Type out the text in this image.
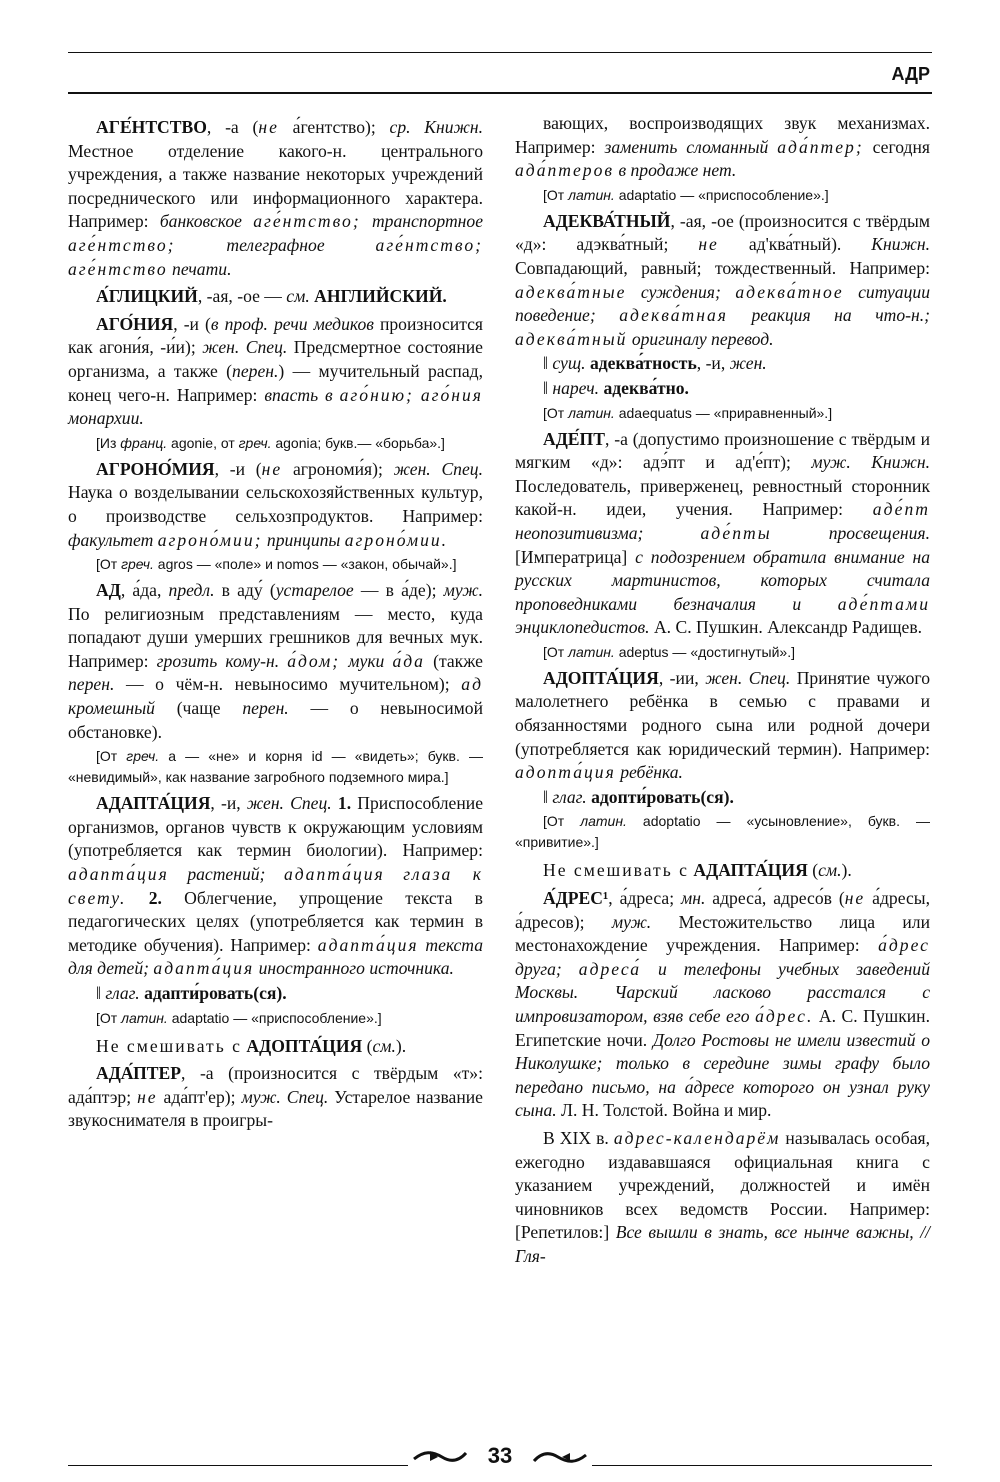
АДР

АГЕ́НТСТВО, -а (не а́гентство); ср. Книжн. Местное отделение какого-н. центрального учреждения, а также название некоторых учреждений посреднического или информационного характера. Например: банковское аге́нтство; транспортное аге́нтство;	телеграфное	аге́нтство; аге́нтство печати.

А́ГЛИЦКИЙ, -ая, -ое — см. АНГЛИЙСКИЙ.

АГО́НИЯ, -и (в проф. речи медиков произносится как агони́я, -и́и); жен. Спец. Предсмертное состояние организма, а также (перен.) — мучительный распад, конец чего-н. Например: впасть в аго́нию; аго́ния монархии.

[Из франц. agonie, от греч. agonia; букв.— «борьба».]

АГРОНО́МИЯ, -и (не агрономи́я); жен. Спец. Наука о возделывании сельскохозяйственных культур, о производстве сельхозпродуктов. Например: факультет агроно́мии; принципы агроно́мии.

[От греч. agros — «поле» и nomos — «закон, обычай».]

АД, а́да, предл. в аду́ (устарелое — в а́де); муж. По религиозным представлениям — место, куда попадают души умерших грешников для вечных мук. Например: грозить кому-н. а́дом; муки а́да (также перен. — о чём-н. невыносимо мучительном); ад кромешный (чаще перен. — о невыносимой обстановке).

[От греч. а — «не» и корня id — «видеть»; букв. — «невидимый», как название загробного подземного мира.]

АДАПТА́ЦИЯ, -и, жен. Спец. 1. Приспособление организмов, органов чувств к окружающим условиям (употребляется как термин биологии). Например: адапта́ция растений; адапта́ция глаза к свету. 2. Облегчение, упрощение текста в педагогических целях (употребляется как термин в методике обучения). Например: адапта́ция текста для детей; адапта́ция иностранного источника.

‖ глаг. адапти́ровать(ся).

[От латин. adaptatio — «приспособление».]

Не смешивать с АДОПТА́ЦИЯ (см.).

АДА́ПТЕР, -а (произносится с твёрдым «т»: ада́птэр; не ада́пт'ер); муж. Спец. Устарелое название звукоснимателя в проигры-

вающих, воспроизводящих звук механизмах. Например: заменить сломанный ада́птер; сегодня ада́птеров в продаже нет.

[От латин. adaptatio — «приспособление».]

АДЕКВА́ТНЫЙ, -ая, -ое (произносится с твёрдым «д»: адэква́тный; не ад'ква́тный). Книжн. Совпадающий, равный; тождественный. Например: адеква́тные суждения; адеква́тное ситуации поведение; адеква́тная реакция на что-н.; адеква́тный оригиналу перевод.

‖ сущ. адеква́тность, -и, жен.

‖ нареч. адеква́тно.

[От латин. adaequatus — «приравненный».]

АДЕ́ПТ, -а (допустимо произношение с твёрдым и мягким «д»: адэ́пт и ад'е́пт); муж. Книжн. Последователь, приверженец, ревностный сторонник какой-н. идеи, учения. Например: аде́пт неопозитивизма;	аде́пты	просвещения. [Императрица] с подозрением обратила внимание на русских мартинистов, которых считала проповедниками безначалия и аде́птами энциклопедистов. А. С. Пушкин. Александр Радищев.

[От латин. adeptus — «достигнутый».]

АДОПТА́ЦИЯ, -ии, жен. Спец. Принятие чужого малолетнего ребёнка в семью с правами и обязанностями родного сына или родной дочери (употребляется как юридический термин). Например: адопта́ция ребёнка.

‖ глаг. адопти́ровать(ся).

[От латин. adoptatio — «усыновление», букв. — «привитие».]

Не смешивать с АДАПТА́ЦИЯ (см.).

А́ДРЕС¹, а́дреса; мн. адреса́, адресо́в (не а́дресы, а́дресов); муж. Местожительство лица или местонахождение учреждения. Например: а́дрес друга; адреса́ и телефоны учебных заведений Москвы. Чарский ласково расстался с импровизатором, взяв себе его а́дрес. А. С. Пушкин. Египетские ночи. Долго Ростовы не имели известий о Николушке; только в середине зимы графу было передано письмо, на а́дресе которого он узнал руку сына. Л. Н. Толстой. Война и мир.

В XIX в. адрес-календарём называлась особая, ежегодно издававшаяся официальная книга с указанием учреждений, должностей и имён чиновников всех ведомств России. Например: [Репетилов:] Все вышли в знать, все нынче важны, // Гля-

33
